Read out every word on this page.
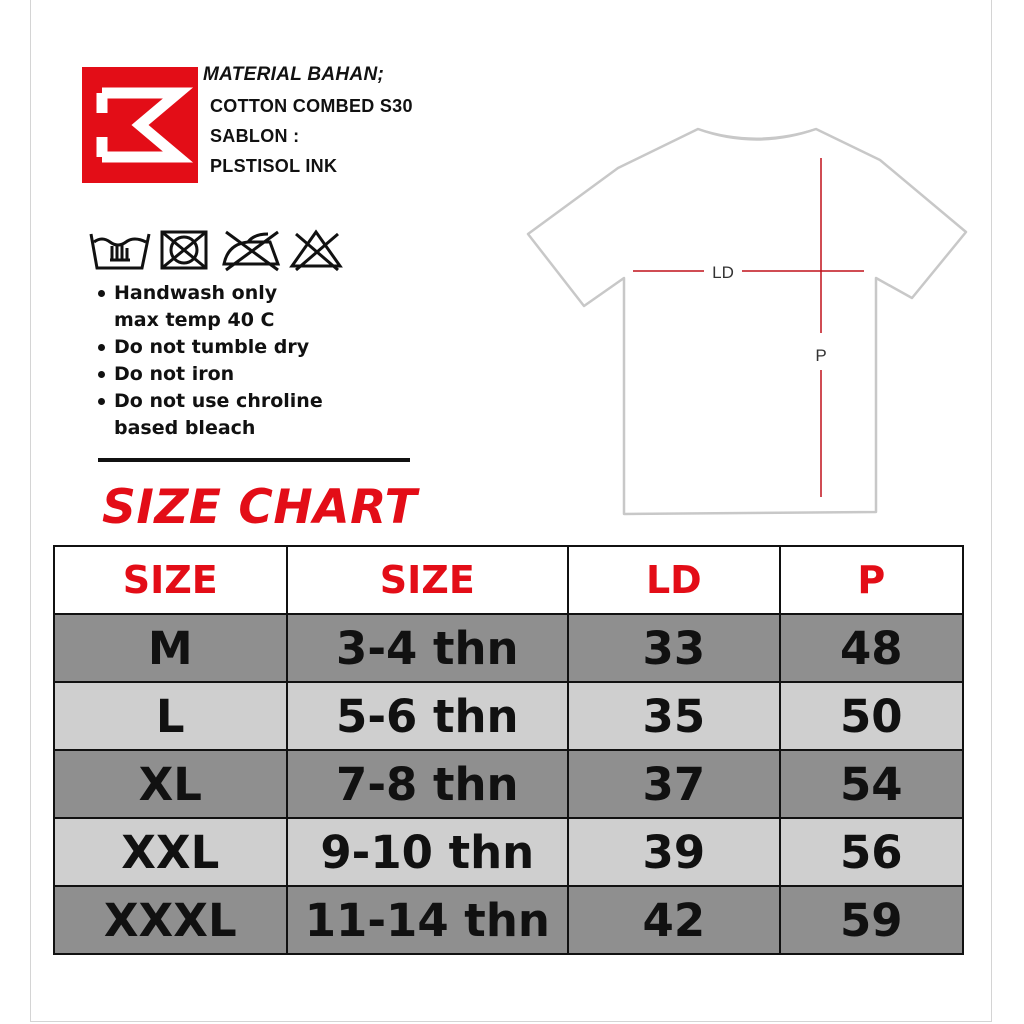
MATERIAL BAHAN;
COTTON COMBED S30
SABLON :
PLSTISOL INK
Handwash only
max temp 40 C
Do not tumble dry
Do not iron
Do not use chroline
based bleach
SIZE CHART
LD
P
SIZE	SIZE	LD	P
M	3-4 thn	33	48
L	5-6 thn	35	50
XL	7-8 thn	37	54
XXL	9-10 thn	39	56
XXXL	11-14 thn	42	59
